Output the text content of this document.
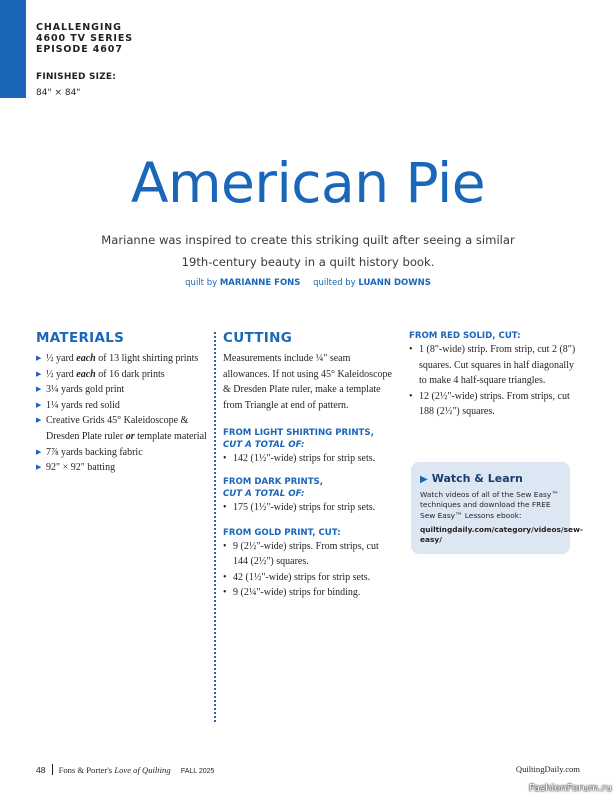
CHALLENGING
4600 TV SERIES
EPISODE 4607
FINISHED SIZE:
84" × 84"
American Pie
Marianne was inspired to create this striking quilt after seeing a similar 19th-century beauty in a quilt history book.
quilt by MARIANNE FONS quilted by LUANN DOWNS
MATERIALS
▶ ½ yard each of 13 light shirting prints
▶ ½ yard each of 16 dark prints
▶ 3¼ yards gold print
▶ 1¼ yards red solid
▶ Creative Grids 45° Kaleidoscope & Dresden Plate ruler or template material
▶ 7⅞ yards backing fabric
▶ 92" × 92" batting
CUTTING

Measurements include ¼" seam allowances. If not using 45° Kaleidoscope & Dresden Plate ruler, make a template from Triangle at end of pattern.

FROM LIGHT SHIRTING PRINTS,
CUT A TOTAL OF:
• 142 (1½"-wide) strips for strip sets.
FROM DARK PRINTS,
CUT A TOTAL OF:
• 175 (1½"-wide) strips for strip sets.
FROM GOLD PRINT, CUT:
• 9 (2½"-wide) strips. From strips, cut 144 (2½") squares.
• 42 (1½"-wide) strips for strip sets.
• 9 (2¼"-wide) strips for binding.
FROM RED SOLID, CUT:
• 1 (8"-wide) strip. From strip, cut 2 (8") squares. Cut squares in half diagonally to make 4 half-square triangles.
• 12 (2½"-wide) strips. From strips, cut 188 (2½") squares.
▶ Watch & Learn
Watch videos of all of the Sew Easy™ techniques and download the FREE Sew Easy™ Lessons ebook:
quiltingdaily.com/category/videos/sew-easy/
48 Fons & Porter's Love of Quilting FALL 2025	QuiltingDaily.com
FashionForum.ru
